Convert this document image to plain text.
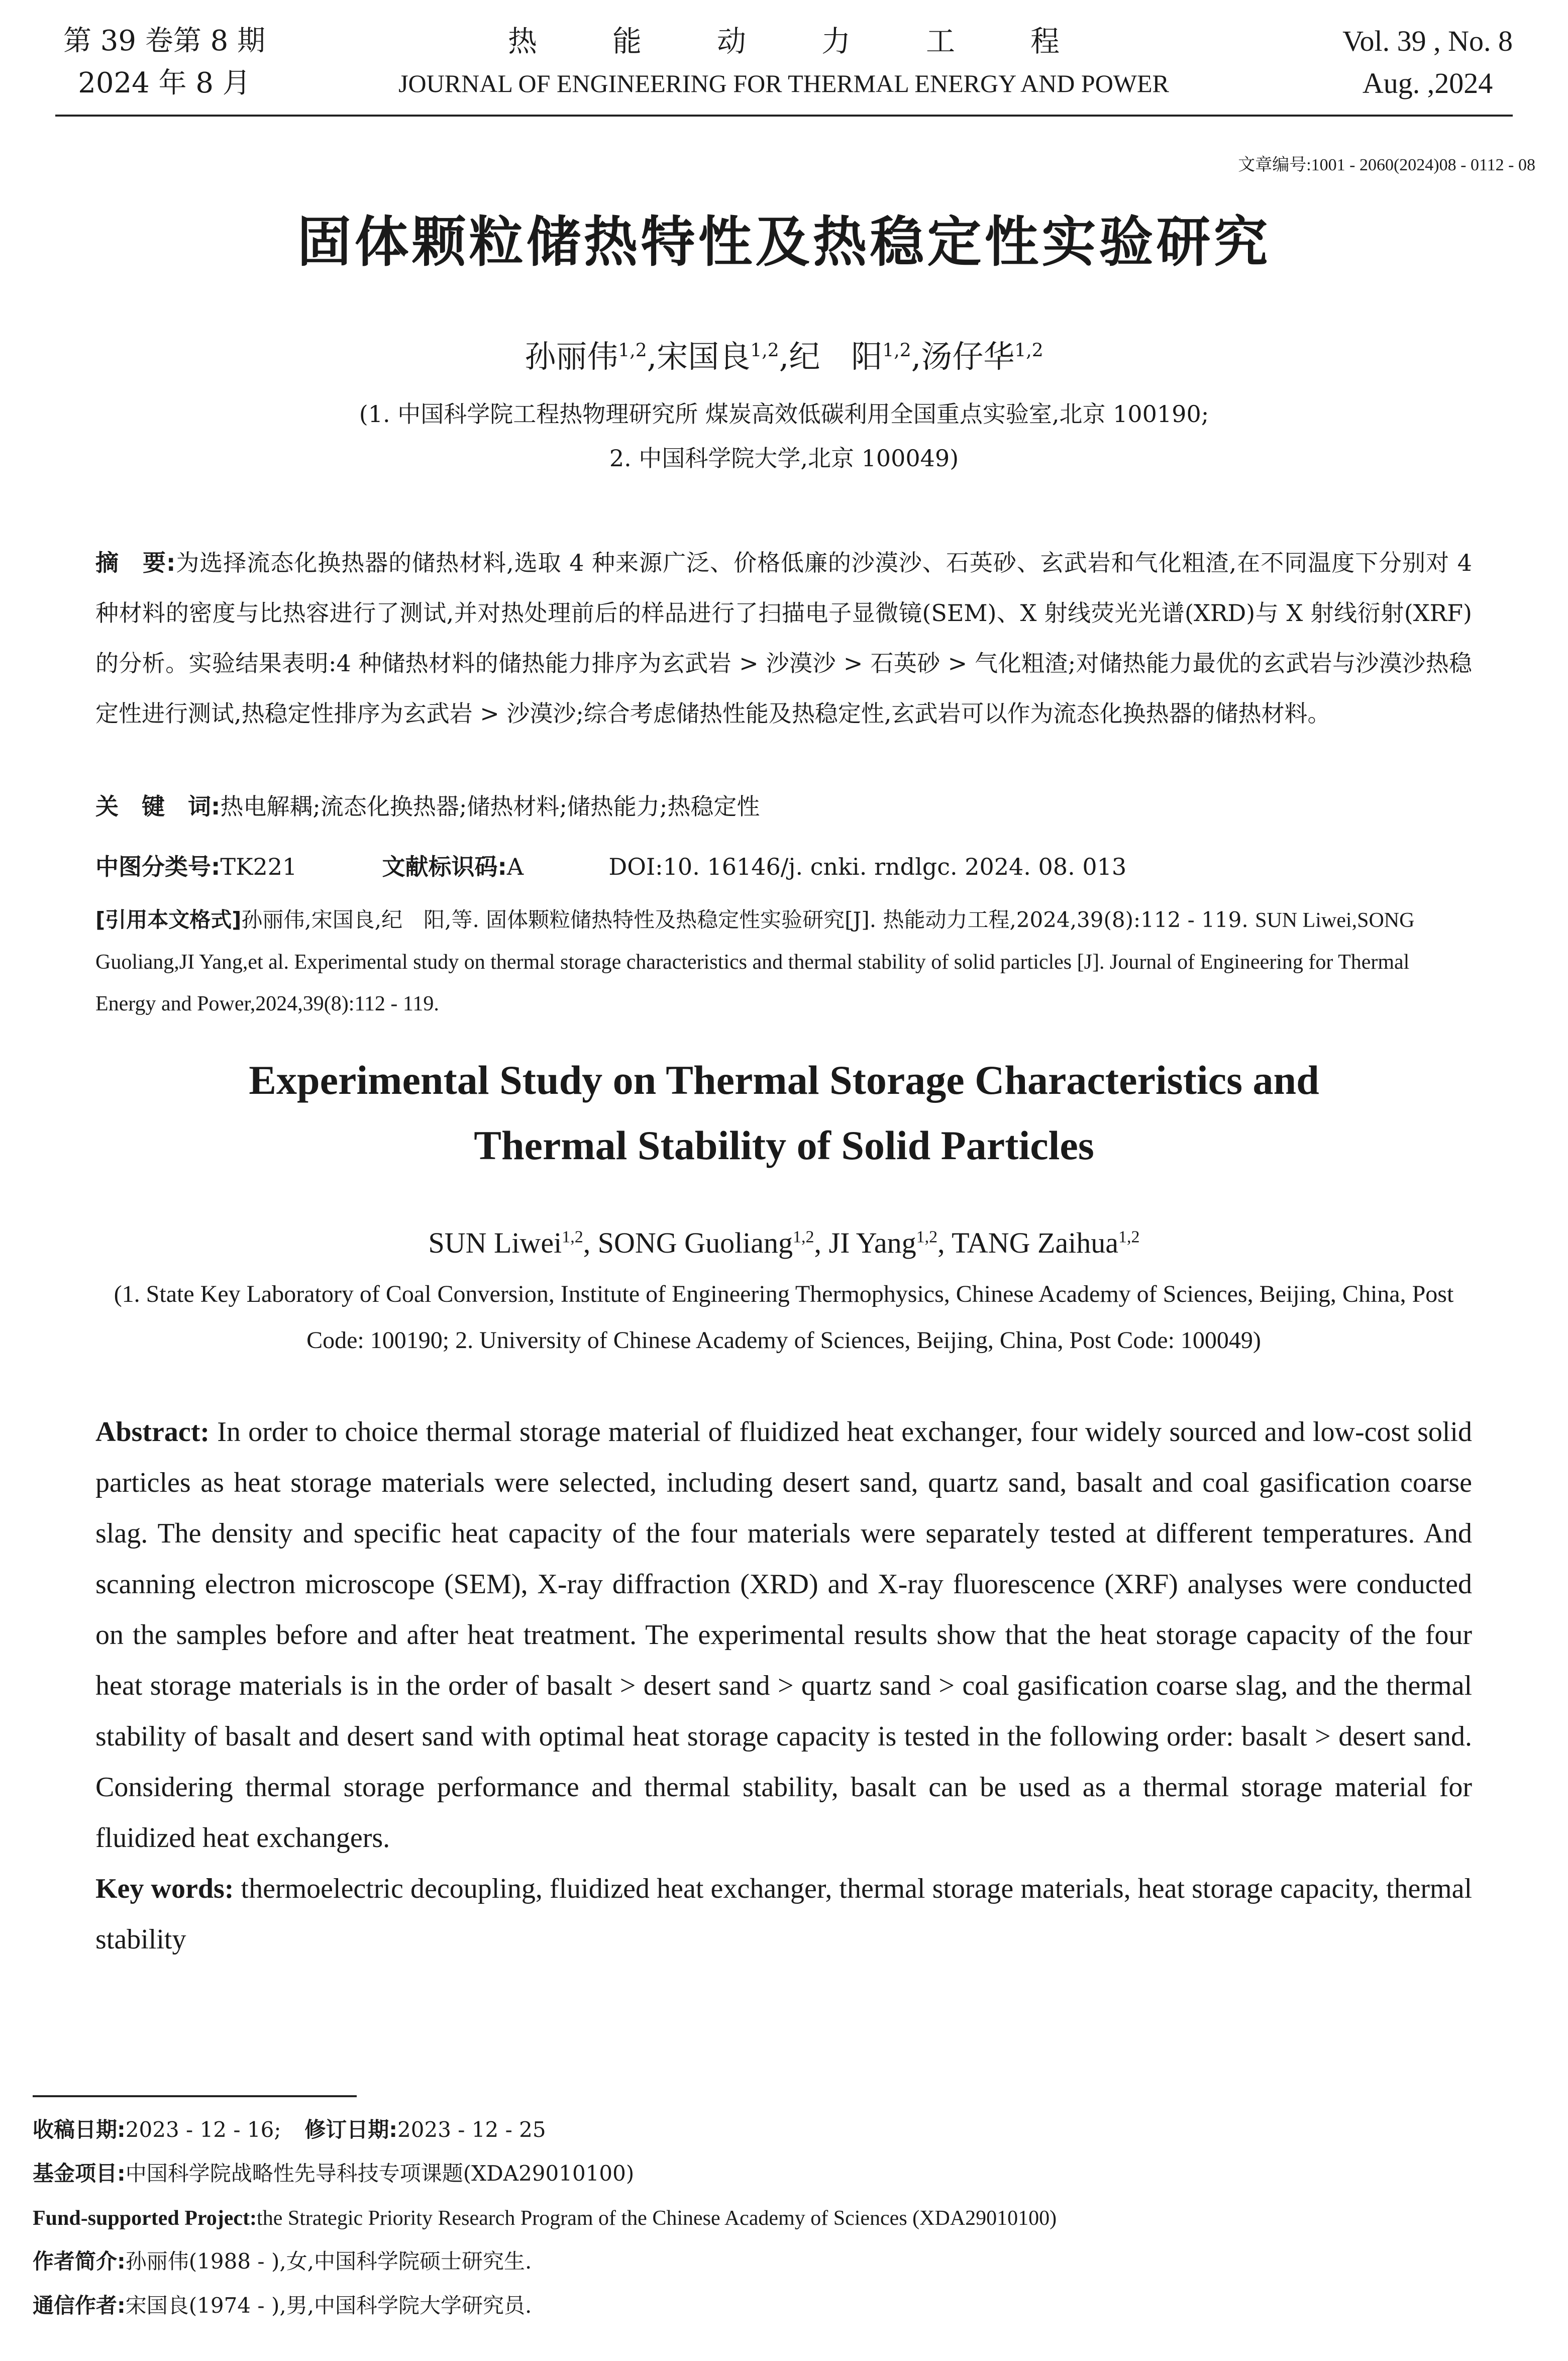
第 39 卷第 8 期
2024 年 8 月
热能动力工程
JOURNAL OF ENGINEERING FOR THERMAL ENERGY AND POWER
Vol. 39 , No. 8
Aug. ,2024
文章编号:1001 - 2060(2024)08 - 0112 - 08
固体颗粒储热特性及热稳定性实验研究
孙丽伟$^{1,2}$,宋国良$^{1,2}$,纪　阳$^{1,2}$,汤仔华$^{1,2}$
(1. 中国科学院工程热物理研究所 煤炭高效低碳利用全国重点实验室,北京 100190;
2. 中国科学院大学,北京 100049)
摘　要:为选择流态化换热器的储热材料,选取 4 种来源广泛、价格低廉的沙漠沙、石英砂、玄武岩和气化粗渣,在不同温度下分别对 4 种材料的密度与比热容进行了测试,并对热处理前后的样品进行了扫描电子显微镜(SEM)、X 射线荧光光谱(XRD)与 X 射线衍射(XRF)的分析。实验结果表明:4 种储热材料的储热能力排序为玄武岩 > 沙漠沙 > 石英砂 > 气化粗渣;对储热能力最优的玄武岩与沙漠沙热稳定性进行测试,热稳定性排序为玄武岩 > 沙漠沙;综合考虑储热性能及热稳定性,玄武岩可以作为流态化换热器的储热材料。
关　键　词:热电解耦;流态化换热器;储热材料;储热能力;热稳定性
中图分类号:TK221	文献标识码:A	DOI:10. 16146/j. cnki. rndlgc. 2024. 08. 013
[引用本文格式]孙丽伟,宋国良,纪　阳,等. 固体颗粒储热特性及热稳定性实验研究[J]. 热能动力工程,2024,39(8):112 - 119. SUN Liwei,SONG Guoliang,JI Yang,et al. Experimental study on thermal storage characteristics and thermal stability of solid particles [J]. Journal of Engineering for Thermal Energy and Power,2024,39(8):112 - 119.
Experimental Study on Thermal Storage Characteristics and
Thermal Stability of Solid Particles
SUN Liwei$^{1,2}$, SONG Guoliang$^{1,2}$, JI Yang$^{1,2}$, TANG Zaihua$^{1,2}$
(1. State Key Laboratory of Coal Conversion, Institute of Engineering Thermophysics, Chinese Academy of Sciences, Beijing, China, Post Code: 100190; 2. University of Chinese Academy of Sciences, Beijing, China, Post Code: 100049)
Abstract: In order to choice thermal storage material of fluidized heat exchanger, four widely sourced and low-cost solid particles as heat storage materials were selected, including desert sand, quartz sand, basalt and coal gasification coarse slag. The density and specific heat capacity of the four materials were separately tested at different temperatures. And scanning electron microscope (SEM), X-ray diffraction (XRD) and X-ray fluorescence (XRF) analyses were conducted on the samples before and after heat treatment. The experimental results show that the heat storage capacity of the four heat storage materials is in the order of basalt > desert sand > quartz sand > coal gasification coarse slag, and the thermal stability of basalt and desert sand with optimal heat storage capacity is tested in the following order: basalt > desert sand. Considering thermal storage performance and thermal stability, basalt can be used as a thermal storage material for fluidized heat exchangers.
Key words: thermoelectric decoupling, fluidized heat exchanger, thermal storage materials, heat storage capacity, thermal stability
收稿日期:2023 - 12 - 16; 修订日期:2023 - 12 - 25
基金项目:中国科学院战略性先导科技专项课题(XDA29010100)
Fund-supported Project:the Strategic Priority Research Program of the Chinese Academy of Sciences (XDA29010100)
作者简介:孙丽伟(1988 - ),女,中国科学院硕士研究生.
通信作者:宋国良(1974 - ),男,中国科学院大学研究员.
